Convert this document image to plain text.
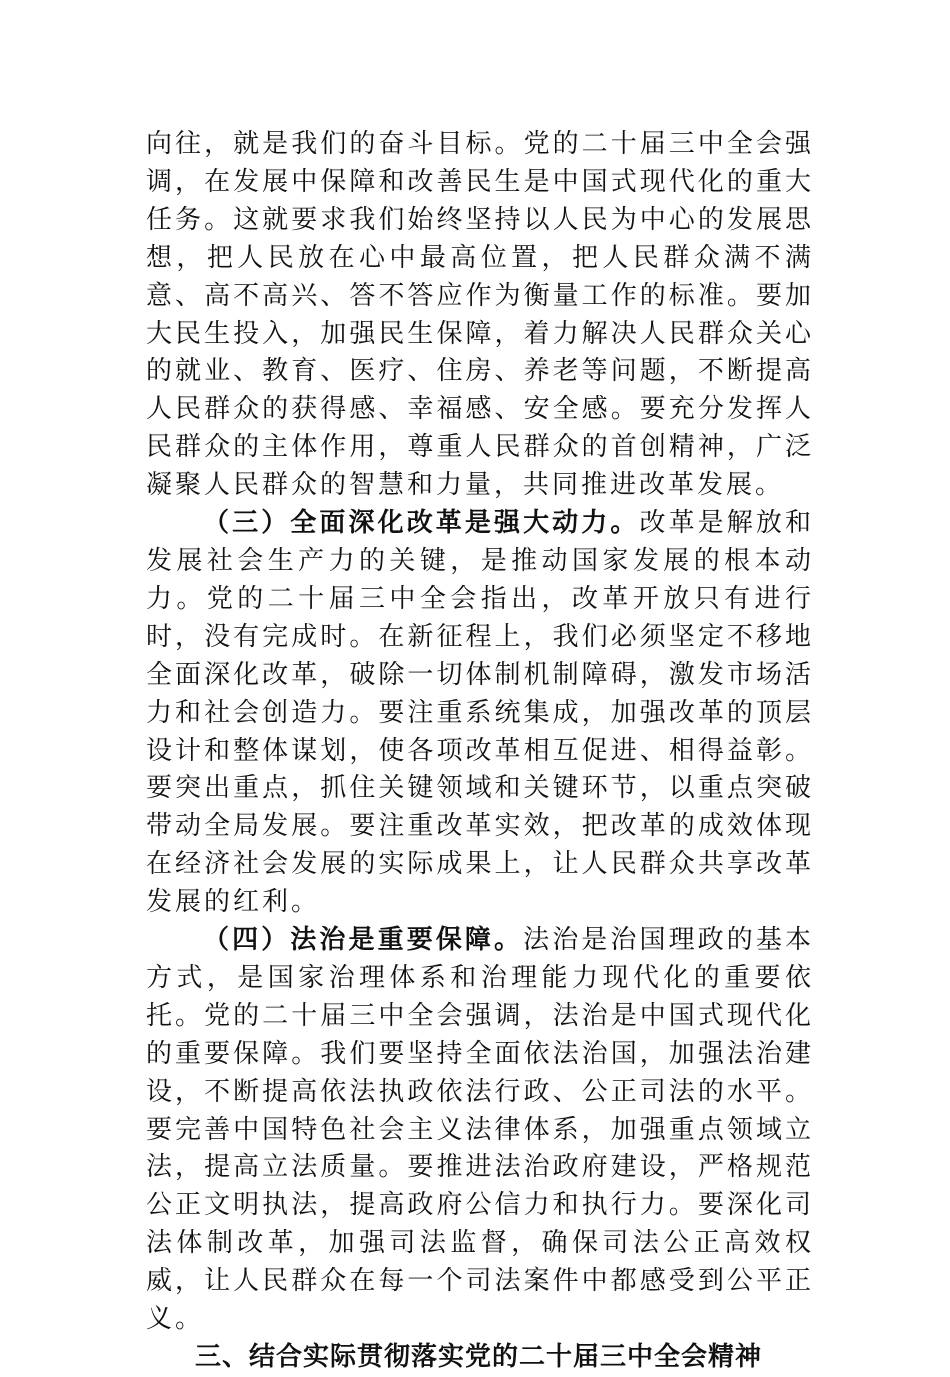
向往，就是我们的奋斗目标。党的二十届三中全会强调，在发展中保障和改善民生是中国式现代化的重大任务。这就要求我们始终坚持以人民为中心的发展思想，把人民放在心中最高位置，把人民群众满不满意、高不高兴、答不答应作为衡量工作的标准。要加大民生投入，加强民生保障，着力解决人民群众关心的就业、教育、医疗、住房、养老等问题，不断提高人民群众的获得感、幸福感、安全感。要充分发挥人民群众的主体作用，尊重人民群众的首创精神，广泛凝聚人民群众的智慧和力量，共同推进改革发展。

（三）全面深化改革是强大动力。改革是解放和发展社会生产力的关键，是推动国家发展的根本动力。党的二十届三中全会指出，改革开放只有进行时，没有完成时。在新征程上，我们必须坚定不移地全面深化改革，破除一切体制机制障碍，激发市场活力和社会创造力。要注重系统集成，加强改革的顶层设计和整体谋划，使各项改革相互促进、相得益彰。要突出重点，抓住关键领域和关键环节，以重点突破带动全局发展。要注重改革实效，把改革的成效体现在经济社会发展的实际成果上，让人民群众共享改革发展的红利。

（四）法治是重要保障。法治是治国理政的基本方式，是国家治理体系和治理能力现代化的重要依托。党的二十届三中全会强调，法治是中国式现代化的重要保障。我们要坚持全面依法治国，加强法治建设，不断提高依法执政依法行政、公正司法的水平。要完善中国特色社会主义法律体系，加强重点领域立法，提高立法质量。要推进法治政府建设，严格规范公正文明执法，提高政府公信力和执行力。要深化司法体制改革，加强司法监督，确保司法公正高效权威，让人民群众在每一个司法案件中都感受到公平正义。

三、结合实际贯彻落实党的二十届三中全会精神
